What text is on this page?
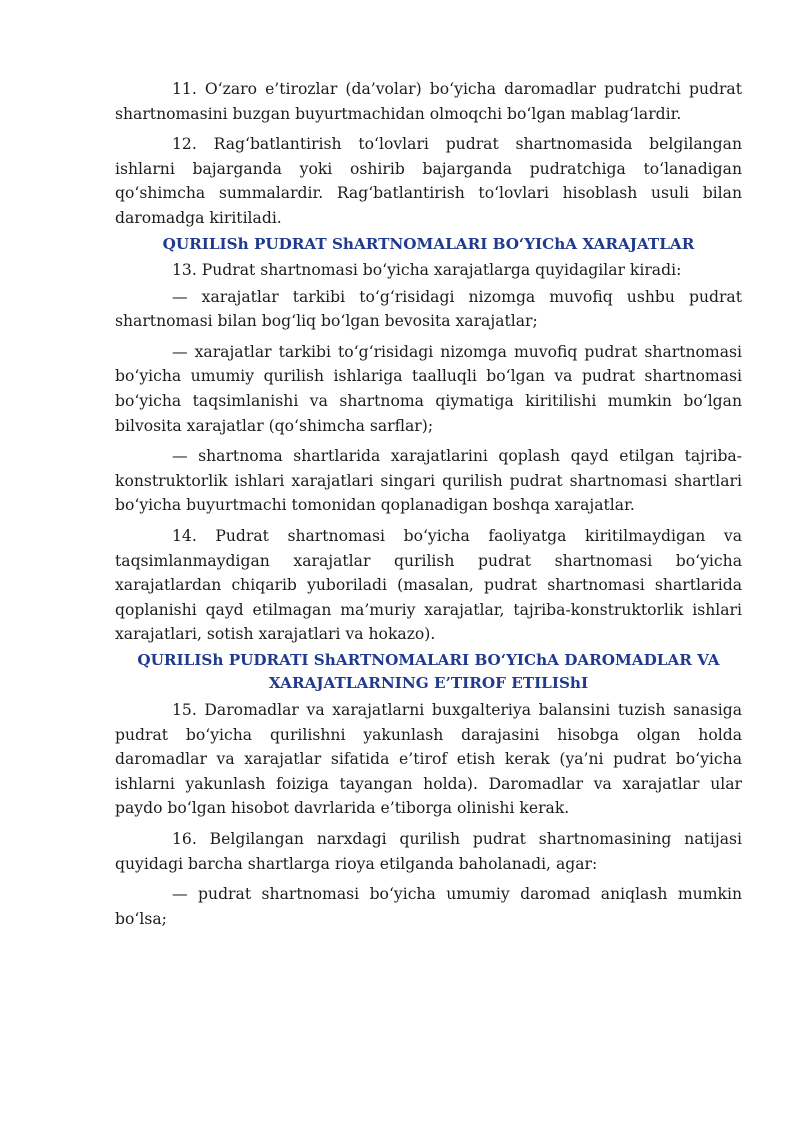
11. O‘zaro e’tirozlar (da’volar) bo‘yicha daromadlar pudratchi pudrat shartnomasini buzgan buyurtmachidan olmoqchi bo‘lgan mablag‘lardir.

12. Rag‘batlantirish to‘lovlari pudrat shartnomasida belgilangan ishlarni bajarganda yoki oshirib bajarganda pudratchiga to‘lanadigan qo‘shimcha summalardir. Rag‘batlantirish to‘lovlari hisoblash usuli bilan daromadga kiritiladi.

QURILISh PUDRAT ShARTNOMALARI BO‘YIChA XARAJATLAR

13. Pudrat shartnomasi bo‘yicha xarajatlarga quyidagilar kiradi:

— xarajatlar tarkibi to‘g‘risidagi nizomga muvofiq ushbu pudrat shartnomasi bilan bog‘liq bo‘lgan bevosita xarajatlar;

— xarajatlar tarkibi to‘g‘risidagi nizomga muvofiq pudrat shartnomasi bo‘yicha umumiy qurilish ishlariga taalluqli bo‘lgan va pudrat shartnomasi bo‘yicha taqsimlanishi va shartnoma qiymatiga kiritilishi mumkin bo‘lgan bilvosita xarajatlar (qo‘shimcha sarflar);

— shartnoma shartlarida xarajatlarini qoplash qayd etilgan tajriba-konstruktorlik ishlari xarajatlari singari qurilish pudrat shartnomasi shartlari bo‘yicha buyurtmachi tomonidan qoplanadigan boshqa xarajatlar.

14. Pudrat shartnomasi bo‘yicha faoliyatga kiritilmaydigan va taqsimlanmaydigan xarajatlar qurilish pudrat shartnomasi bo‘yicha xarajatlardan chiqarib yuboriladi (masalan, pudrat shartnomasi shartlarida qoplanishi qayd etilmagan ma’muriy xarajatlar, tajriba-konstruktorlik ishlari xarajatlari, sotish xarajatlari va hokazo).

QURILISh PUDRATI ShARTNOMALARI BO‘YIChA DAROMADLAR VA XARAJATLARNING E’TIROF ETILIShI

15. Daromadlar va xarajatlarni buxgalteriya balansini tuzish sanasiga pudrat bo‘yicha qurilishni yakunlash darajasini hisobga olgan holda daromadlar va xarajatlar sifatida e’tirof etish kerak (ya’ni pudrat bo‘yicha ishlarni yakunlash foiziga tayangan holda). Daromadlar va xarajatlar ular paydo bo‘lgan hisobot davrlarida e’tiborga olinishi kerak.

16. Belgilangan narxdagi qurilish pudrat shartnomasining natijasi quyidagi barcha shartlarga rioya etilganda baholanadi, agar:

— pudrat shartnomasi bo‘yicha umumiy daromad aniqlash mumkin bo‘lsa;
